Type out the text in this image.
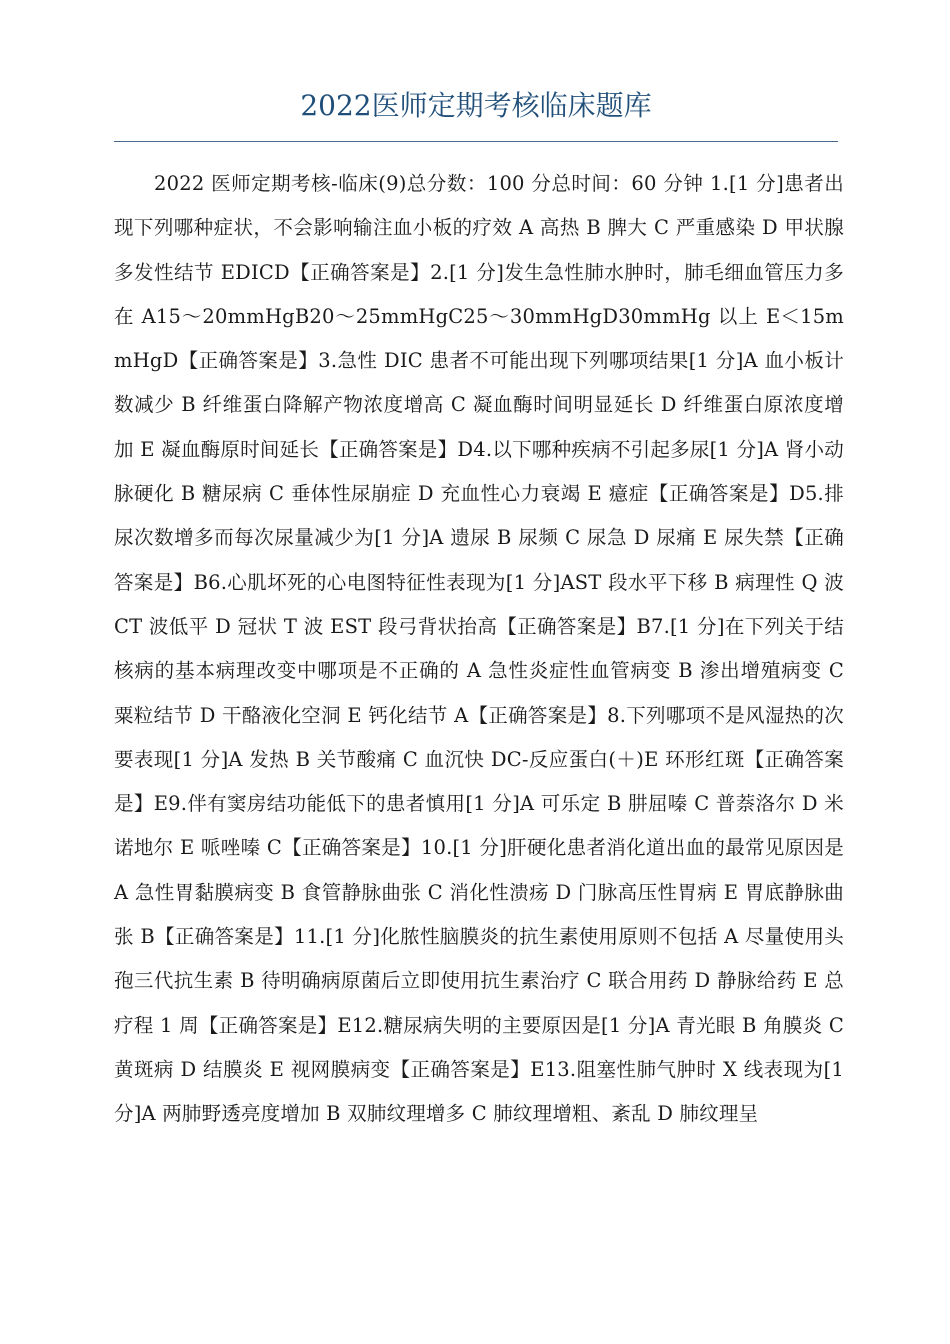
2022医师定期考核临床题库

2022 医师定期考核-临床(9)总分数：100 分总时间：60 分钟 1.[1 分]患者出现下列哪种症状，不会影响输注血小板的疗效 A 高热 B 脾大 C 严重感染 D 甲状腺多发性结节 EDICD【正确答案是】2.[1 分]发生急性肺水肿时，肺毛细血管压力多在 A15～20mmHgB20～25mmHgC25～30mmHgD30mmHg 以上 E＜15mmHgD【正确答案是】3.急性 DIC 患者不可能出现下列哪项结果[1 分]A 血小板计数减少 B 纤维蛋白降解产物浓度增高 C 凝血酶时间明显延长 D 纤维蛋白原浓度增加 E 凝血酶原时间延长【正确答案是】D4.以下哪种疾病不引起多尿[1 分]A 肾小动脉硬化 B 糖尿病 C 垂体性尿崩症 D 充血性心力衰竭 E 癔症【正确答案是】D5.排尿次数增多而每次尿量减少为[1 分]A 遗尿 B 尿频 C 尿急 D 尿痛 E 尿失禁【正确答案是】B6.心肌坏死的心电图特征性表现为[1 分]AST 段水平下移 B 病理性 Q 波 CT 波低平 D 冠状 T 波 EST 段弓背状抬高【正确答案是】B7.[1 分]在下列关于结核病的基本病理改变中哪项是不正确的 A 急性炎症性血管病变 B 渗出增殖病变 C 粟粒结节 D 干酪液化空洞 E 钙化结节 A【正确答案是】8.下列哪项不是风湿热的次要表现[1 分]A 发热 B 关节酸痛 C 血沉快 DC-反应蛋白(＋)E 环形红斑【正确答案是】E9.伴有窦房结功能低下的患者慎用[1 分]A 可乐定 B 肼屈嗪 C 普萘洛尔 D 米诺地尔 E 哌唑嗪 C【正确答案是】10.[1 分]肝硬化患者消化道出血的最常见原因是 A 急性胃黏膜病变 B 食管静脉曲张 C 消化性溃疡 D 门脉高压性胃病 E 胃底静脉曲张 B【正确答案是】11.[1 分]化脓性脑膜炎的抗生素使用原则不包括 A 尽量使用头孢三代抗生素 B 待明确病原菌后立即使用抗生素治疗 C 联合用药 D 静脉给药 E 总疗程 1 周【正确答案是】E12.糖尿病失明的主要原因是[1 分]A 青光眼 B 角膜炎 C 黄斑病 D 结膜炎 E 视网膜病变【正确答案是】E13.阻塞性肺气肿时 X 线表现为[1 分]A 两肺野透亮度增加 B 双肺纹理增多 C 肺纹理增粗、紊乱 D 肺纹理呈
